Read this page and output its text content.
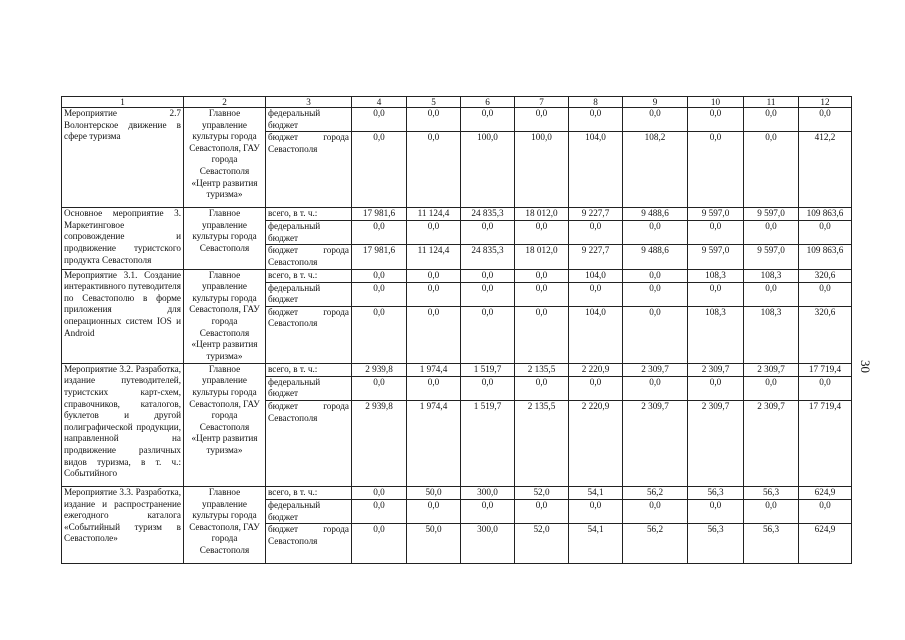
1	2	3	4	5	6	7	8	9	10	11	12
Мероприятие 2.7 Волонтерское движение в сфере туризма	Главное управление культуры города Севастополя, ГАУ города Севастополя «Центр развития туризма»	федеральный бюджет	0,0	0,0	0,0	0,0	0,0	0,0	0,0	0,0	0,0
		бюджет города Севастополя	0,0	0,0	100,0	100,0	104,0	108,2	0,0	0,0	412,2
Основное мероприятие 3. Маркетинговое сопровождение и продвижение туристского продукта Севастополя	Главное управление культуры города Севастополя	всего, в т. ч.:	17 981,6	11 124,4	24 835,3	18 012,0	9 227,7	9 488,6	9 597,0	9 597,0	109 863,6
		федеральный бюджет	0,0	0,0	0,0	0,0	0,0	0,0	0,0	0,0	0,0
		бюджет города Севастополя	17 981,6	11 124,4	24 835,3	18 012,0	9 227,7	9 488,6	9 597,0	9 597,0	109 863,6
Мероприятие 3.1. Создание интерактивного путеводителя по Севастополю в форме приложения для операционных систем IOS и Android	Главное управление культуры города Севастополя, ГАУ города Севастополя «Центр развития туризма»	всего, в т. ч.:	0,0	0,0	0,0	0,0	104,0	0,0	108,3	108,3	320,6
		федеральный бюджет	0,0	0,0	0,0	0,0	0,0	0,0	0,0	0,0	0,0
		бюджет города Севастополя	0,0	0,0	0,0	0,0	104,0	0,0	108,3	108,3	320,6
Мероприятие 3.2. Разработка, издание путеводителей, туристских карт-схем, справочников, каталогов, буклетов и другой полиграфической продукции, направленной на продвижение различных видов туризма, в т. ч.: Событийного	Главное управление культуры города Севастополя, ГАУ города Севастополя «Центр развития туризма»	всего, в т. ч.:	2 939,8	1 974,4	1 519,7	2 135,5	2 220,9	2 309,7	2 309,7	2 309,7	17 719,4
		федеральный бюджет	0,0	0,0	0,0	0,0	0,0	0,0	0,0	0,0	0,0
		бюджет города Севастополя	2 939,8	1 974,4	1 519,7	2 135,5	2 220,9	2 309,7	2 309,7	2 309,7	17 719,4
Мероприятие 3.3. Разработка, издание и распространение ежегодного каталога «Событийный туризм в Севастополе»	Главное управление культуры города Севастополя, ГАУ города Севастополя	всего, в т. ч.:	0,0	50,0	300,0	52,0	54,1	56,2	56,3	56,3	624,9
		федеральный бюджет	0,0	0,0	0,0	0,0	0,0	0,0	0,0	0,0	0,0
		бюджет города Севастополя	0,0	50,0	300,0	52,0	54,1	56,2	56,3	56,3	624,9
30
